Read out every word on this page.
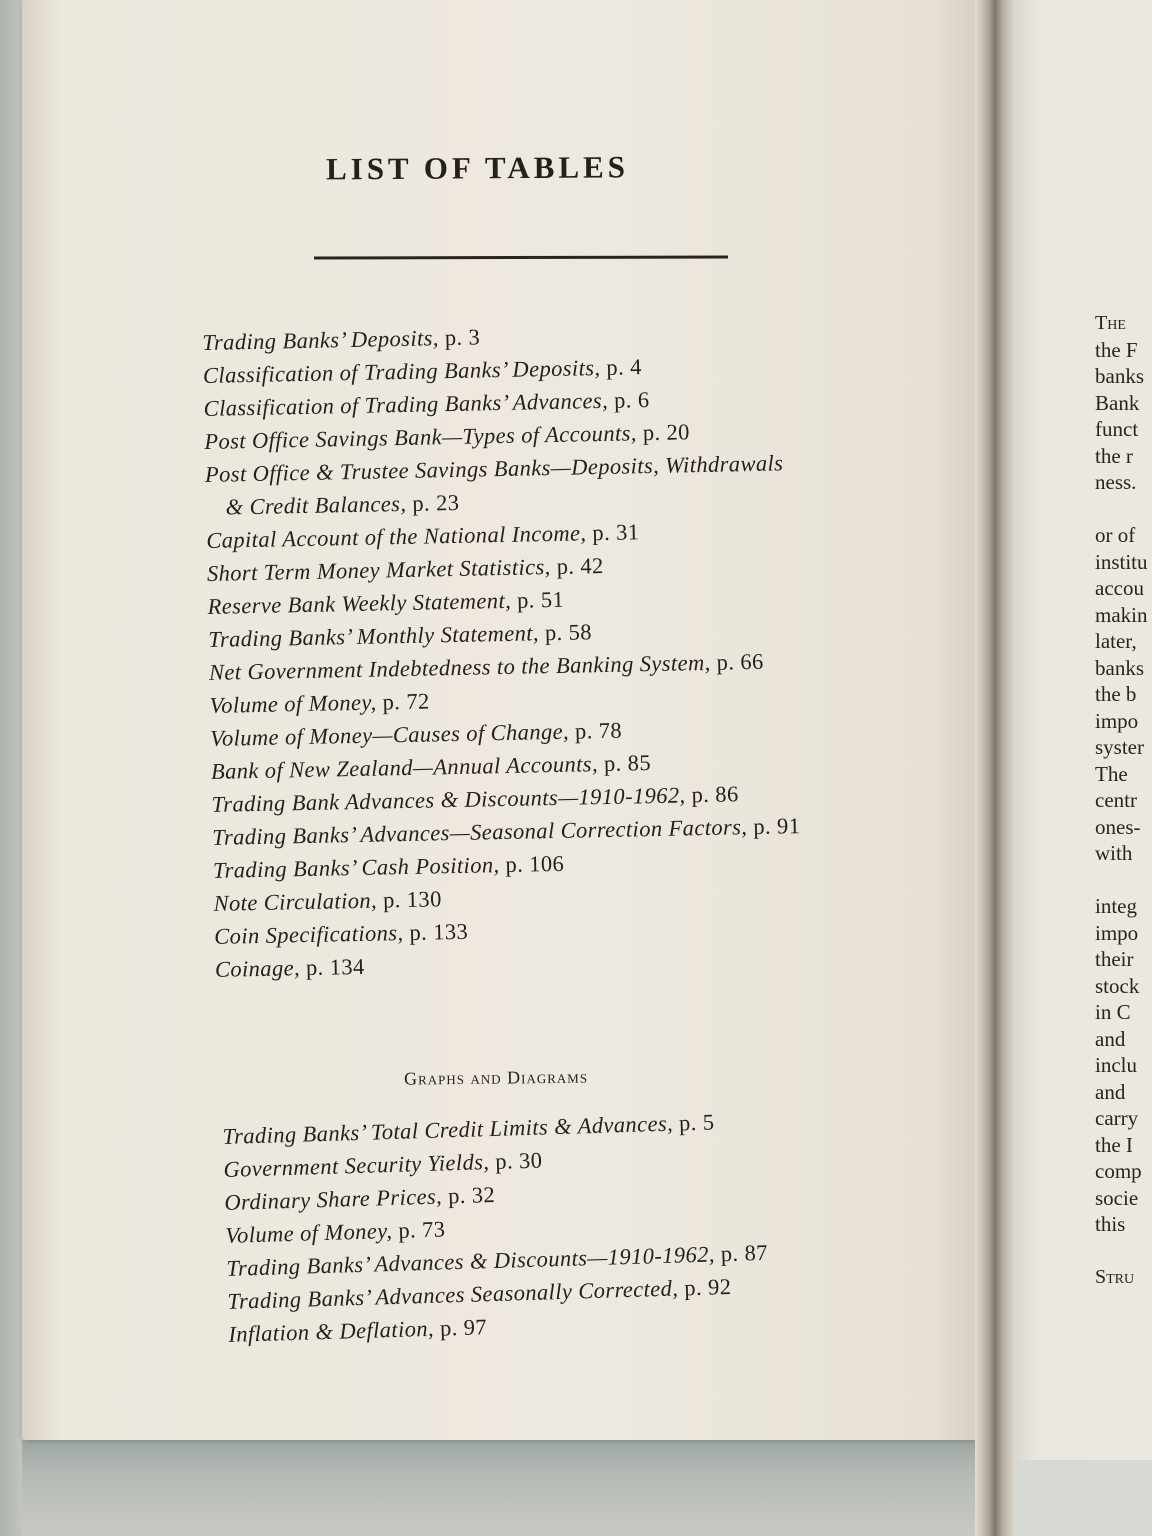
LIST OF TABLES
Trading Banks’ Deposits, p. 3
Classification of Trading Banks’ Deposits, p. 4
Classification of Trading Banks’ Advances, p. 6
Post Office Savings Bank—Types of Accounts, p. 20
Post Office & Trustee Savings Banks—Deposits, Withdrawals
& Credit Balances, p. 23
Capital Account of the National Income, p. 31
Short Term Money Market Statistics, p. 42
Reserve Bank Weekly Statement, p. 51
Trading Banks’ Monthly Statement, p. 58
Net Government Indebtedness to the Banking System, p. 66
Volume of Money, p. 72
Volume of Money—Causes of Change, p. 78
Bank of New Zealand—Annual Accounts, p. 85
Trading Bank Advances & Discounts—1910-1962, p. 86
Trading Banks’ Advances—Seasonal Correction Factors, p. 91
Trading Banks’ Cash Position, p. 106
Note Circulation, p. 130
Coin Specifications, p. 133
Coinage, p. 134
Graphs and Diagrams
Trading Banks’ Total Credit Limits & Advances, p. 5
Government Security Yields, p. 30
Ordinary Share Prices, p. 32
Volume of Money, p. 73
Trading Banks’ Advances & Discounts—1910-1962, p. 87
Trading Banks’ Advances Seasonally Corrected, p. 92
Inflation & Deflation, p. 97
The
the F
banks
Bank
funct
the r
ness.
or of
institu
accou
makin
later,
banks
the b
impo
syster
The
centr
ones-
with
integ
impo
their
stock
in C
and
inclu
and
carry
the I
comp
socie
this
Stru
